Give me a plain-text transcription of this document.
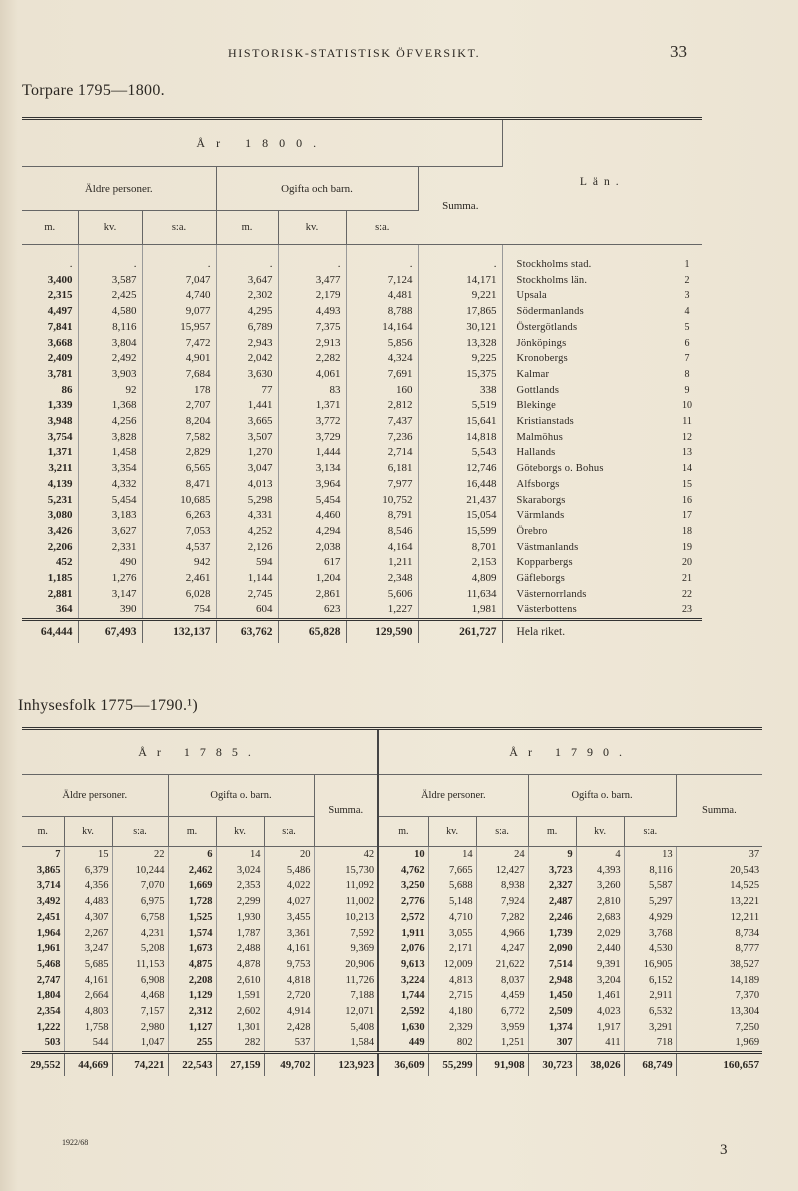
HISTORISK-STATISTISK ÖFVERSIKT.	33
Torpare 1795—1800.
År 1800.							Län.	
Äldre personer.			Ogifta och barn.			Summa.		
m.	kv.	s:a.	m.	kv.	s:a.			
.	.	.	.	.	.	.	Stockholms stad.	1
3,400	3,587	7,047	3,647	3,477	7,124	14,171	Stockholms län.	2
2,315	2,425	4,740	2,302	2,179	4,481	9,221	Upsala	3
4,497	4,580	9,077	4,295	4,493	8,788	17,865	Södermanlands	4
7,841	8,116	15,957	6,789	7,375	14,164	30,121	Östergötlands	5
3,668	3,804	7,472	2,943	2,913	5,856	13,328	Jönköpings	6
2,409	2,492	4,901	2,042	2,282	4,324	9,225	Kronobergs	7
3,781	3,903	7,684	3,630	4,061	7,691	15,375	Kalmar	8
86	92	178	77	83	160	338	Gottlands	9
1,339	1,368	2,707	1,441	1,371	2,812	5,519	Blekinge	10
3,948	4,256	8,204	3,665	3,772	7,437	15,641	Kristianstads	11
3,754	3,828	7,582	3,507	3,729	7,236	14,818	Malmöhus	12
1,371	1,458	2,829	1,270	1,444	2,714	5,543	Hallands	13
3,211	3,354	6,565	3,047	3,134	6,181	12,746	Göteborgs o. Bohus	14
4,139	4,332	8,471	4,013	3,964	7,977	16,448	Alfsborgs	15
5,231	5,454	10,685	5,298	5,454	10,752	21,437	Skaraborgs	16
3,080	3,183	6,263	4,331	4,460	8,791	15,054	Värmlands	17
3,426	3,627	7,053	4,252	4,294	8,546	15,599	Örebro	18
2,206	2,331	4,537	2,126	2,038	4,164	8,701	Västmanlands	19
452	490	942	594	617	1,211	2,153	Kopparbergs	20
1,185	1,276	2,461	1,144	1,204	2,348	4,809	Gäfleborgs	21
2,881	3,147	6,028	2,745	2,861	5,606	11,634	Västernorrlands	22
364	390	754	604	623	1,227	1,981	Västerbottens	23
64,444	67,493	132,137	63,762	65,828	129,590	261,727	Hela riket.	
Inhysesfolk 1775—1790.¹)
År 1785.							År 1790.						
Äldre personer.			Ogifta o. barn.			Summa.	Äldre personer.			Ogifta o. barn.			Summa.
m.	kv.	s:a.	m.	kv.	s:a.		m.	kv.	s:a.	m.	kv.	s:a.	
7	15	22	6	14	20	42	10	14	24	9	4	13	37
3,865	6,379	10,244	2,462	3,024	5,486	15,730	4,762	7,665	12,427	3,723	4,393	8,116	20,543
3,714	4,356	7,070	1,669	2,353	4,022	11,092	3,250	5,688	8,938	2,327	3,260	5,587	14,525
3,492	4,483	6,975	1,728	2,299	4,027	11,002	2,776	5,148	7,924	2,487	2,810	5,297	13,221
2,451	4,307	6,758	1,525	1,930	3,455	10,213	2,572	4,710	7,282	2,246	2,683	4,929	12,211
1,964	2,267	4,231	1,574	1,787	3,361	7,592	1,911	3,055	4,966	1,739	2,029	3,768	8,734
1,961	3,247	5,208	1,673	2,488	4,161	9,369	2,076	2,171	4,247	2,090	2,440	4,530	8,777
5,468	5,685	11,153	4,875	4,878	9,753	20,906	9,613	12,009	21,622	7,514	9,391	16,905	38,527
2,747	4,161	6,908	2,208	2,610	4,818	11,726	3,224	4,813	8,037	2,948	3,204	6,152	14,189
1,804	2,664	4,468	1,129	1,591	2,720	7,188	1,744	2,715	4,459	1,450	1,461	2,911	7,370
2,354	4,803	7,157	2,312	2,602	4,914	12,071	2,592	4,180	6,772	2,509	4,023	6,532	13,304
1,222	1,758	2,980	1,127	1,301	2,428	5,408	1,630	2,329	3,959	1,374	1,917	3,291	7,250
503	544	1,047	255	282	537	1,584	449	802	1,251	307	411	718	1,969
29,552	44,669	74,221	22,543	27,159	49,702	123,923	36,609	55,299	91,908	30,723	38,026	68,749	160,657
1922/68	3
